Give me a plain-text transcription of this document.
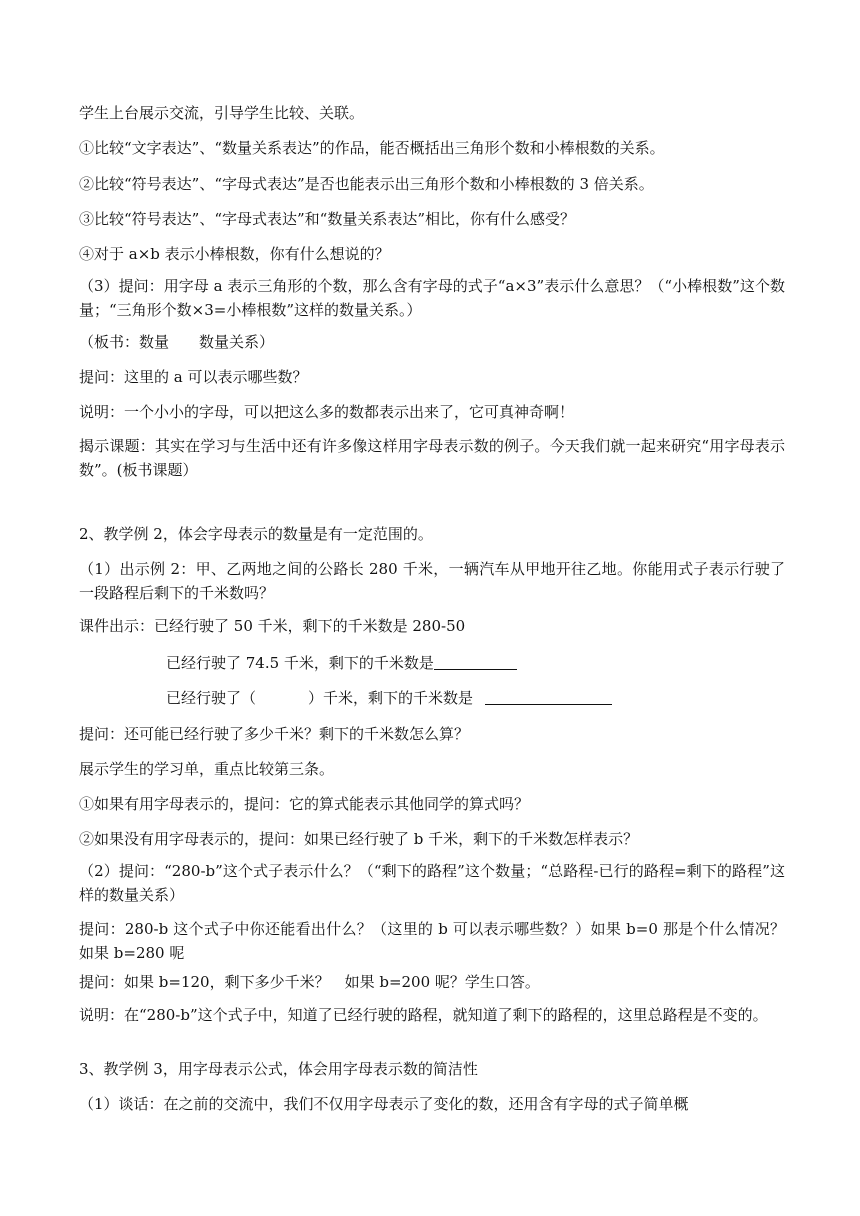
学生上台展示交流，引导学生比较、关联。
①比较“文字表达”、“数量关系表达”的作品，能否概括出三角形个数和小棒根数的关系。
②比较“符号表达”、“字母式表达”是否也能表示出三角形个数和小棒根数的 3 倍关系。
③比较“符号表达”、“字母式表达”和“数量关系表达”相比，你有什么感受？
④对于 a×b 表示小棒根数，你有什么想说的？
（3）提问：用字母 a 表示三角形的个数，那么含有字母的式子“a×3”表示什么意思？（“小棒根数”这个数量；“三角形个数×3=小棒根数”这样的数量关系。）
（板书：数量　　数量关系）
提问：这里的 a 可以表示哪些数？
说明：一个小小的字母，可以把这么多的数都表示出来了，它可真神奇啊！
揭示课题：其实在学习与生活中还有许多像这样用字母表示数的例子。今天我们就一起来研究“用字母表示数”。(板书课题）
2、教学例 2，体会字母表示的数量是有一定范围的。
（1）出示例 2：甲、乙两地之间的公路长 280 千米，一辆汽车从甲地开往乙地。你能用式子表示行驶了一段路程后剩下的千米数吗？
课件出示：已经行驶了 50 千米，剩下的千米数是 280-50
已经行驶了 74.5 千米，剩下的千米数是
已经行驶了（	）千米，剩下的千米数是
提问：还可能已经行驶了多少千米？剩下的千米数怎么算？
展示学生的学习单，重点比较第三条。
①如果有用字母表示的，提问：它的算式能表示其他同学的算式吗？
②如果没有用字母表示的，提问：如果已经行驶了 b 千米，剩下的千米数怎样表示？
（2）提问：“280-b”这个式子表示什么？（“剩下的路程”这个数量；“总路程-已行的路程=剩下的路程”这样的数量关系）
提问：280-b 这个式子中你还能看出什么？（这里的 b 可以表示哪些数？）如果 b=0 那是个什么情况？如果 b=280 呢
提问：如果 b=120，剩下多少千米？　如果 b=200 呢？学生口答。
说明：在“280-b”这个式子中，知道了已经行驶的路程，就知道了剩下的路程的，这里总路程是不变的。
3、教学例 3，用字母表示公式，体会用字母表示数的简洁性
（1）谈话：在之前的交流中，我们不仅用字母表示了变化的数，还用含有字母的式子简单概
